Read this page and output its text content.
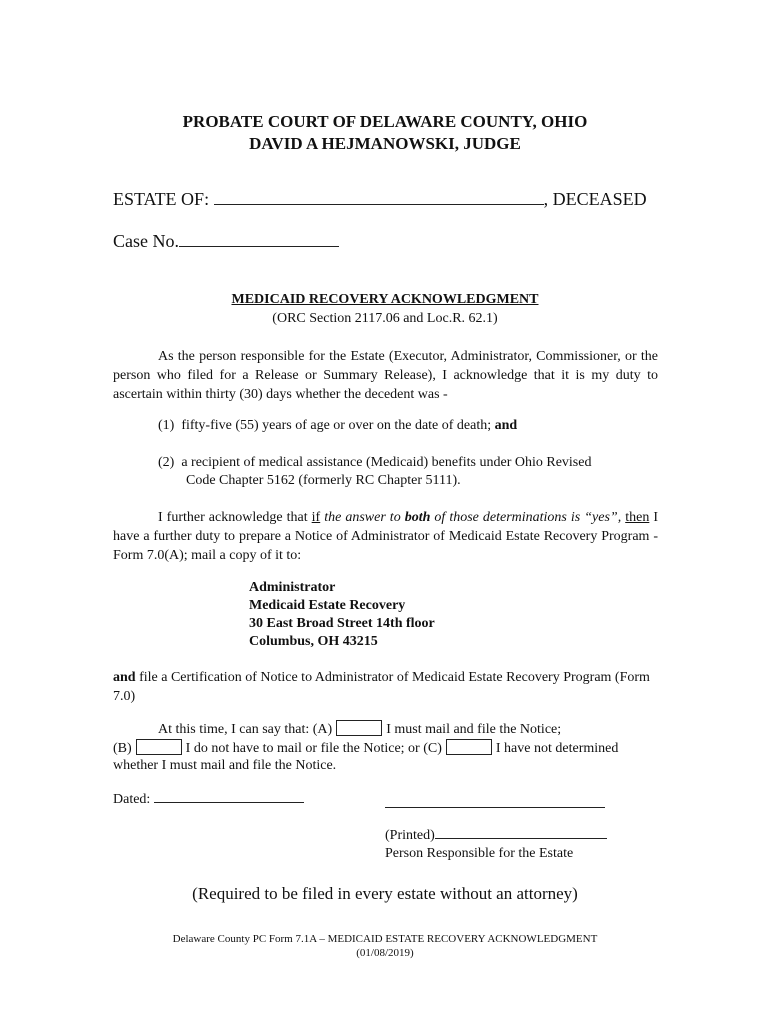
PROBATE COURT OF DELAWARE COUNTY, OHIO
DAVID A HEJMANOWSKI, JUDGE
ESTATE OF:	, DECEASED
Case No.
MEDICAID RECOVERY ACKNOWLEDGMENT
(ORC Section 2117.06 and Loc.R. 62.1)
As the person responsible for the Estate (Executor, Administrator, Commissioner, or the person who filed for a Release or Summary Release), I acknowledge that it is my duty to ascertain within thirty (30) days whether the decedent was -
(1) fifty-five (55) years of age or over on the date of death; and
(2) a recipient of medical assistance (Medicaid) benefits under Ohio Revised
Code Chapter 5162 (formerly RC Chapter 5111).
I further acknowledge that if the answer to both of those determinations is “yes”, then I have a further duty to prepare a Notice of Administrator of Medicaid Estate Recovery Program - Form 7.0(A); mail a copy of it to:
Administrator
Medicaid Estate Recovery
30 East Broad Street 14th floor
Columbus, OH 43215
and file a Certification of Notice to Administrator of Medicaid Estate Recovery Program (Form 7.0)
At this time, I can say that: (A)	I must mail and file the Notice;
(B)	I do not have to mail or file the Notice; or (C)	I have not determined
whether I must mail and file the Notice.
Dated:
(Printed)
Person Responsible for the Estate
(Required to be filed in every estate without an attorney)
Delaware County PC Form 7.1A – MEDICAID ESTATE RECOVERY ACKNOWLEDGMENT
(01/08/2019)
